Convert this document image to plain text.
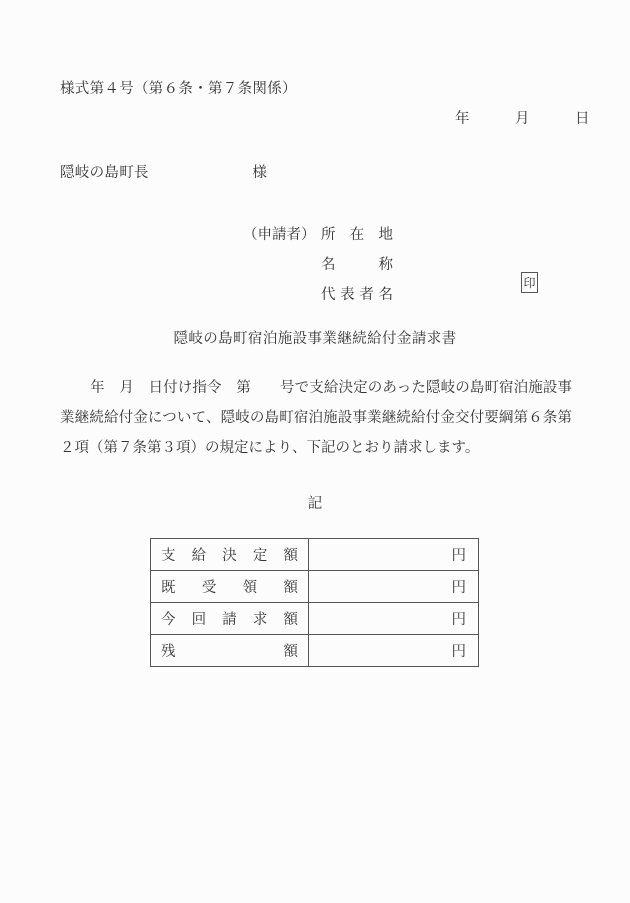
様式第４号（第６条・第７条関係）
年　　　月　　　日
隠岐の島町長　　　　　　　様
（申請者） 所在地
名称
代表者名
印
隠岐の島町宿泊施設事業継続給付金請求書
年　月　日付け指令　第　　号で支給決定のあった隠岐の島町宿泊施設事業継続給付金について、隠岐の島町宿泊施設事業継続給付金交付要綱第６条第２項（第７条第３項）の規定により、下記のとおり請求します。
記
支給決定額	円

既受領額	円

今回請求額	円

残額	円
